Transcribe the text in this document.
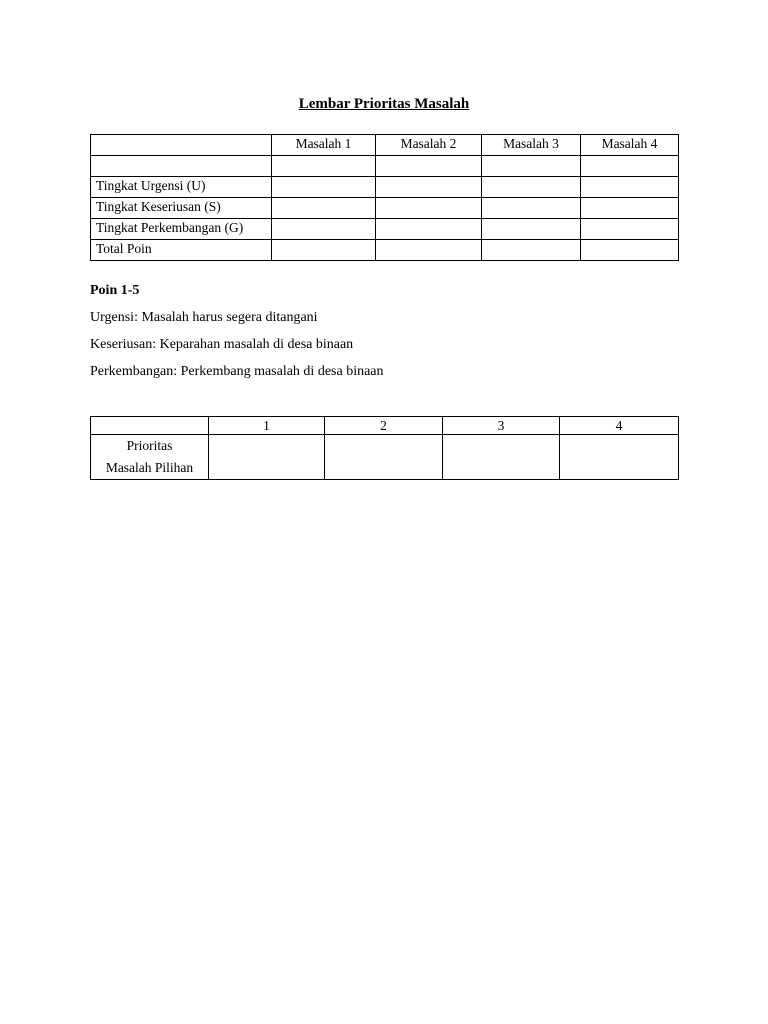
Lembar Prioritas Masalah
	Masalah 1	Masalah 2	Masalah 3	Masalah 4

Tingkat Urgensi (U)				
Tingkat Keseriusan (S)				
Tingkat Perkembangan (G)				
Total Poin				
Poin 1-5
Urgensi: Masalah harus segera ditangani
Keseriusan: Keparahan masalah di desa binaan
Perkembangan: Perkembang masalah di desa binaan
	1	2	3	4
Prioritas
Masalah Pilihan				
